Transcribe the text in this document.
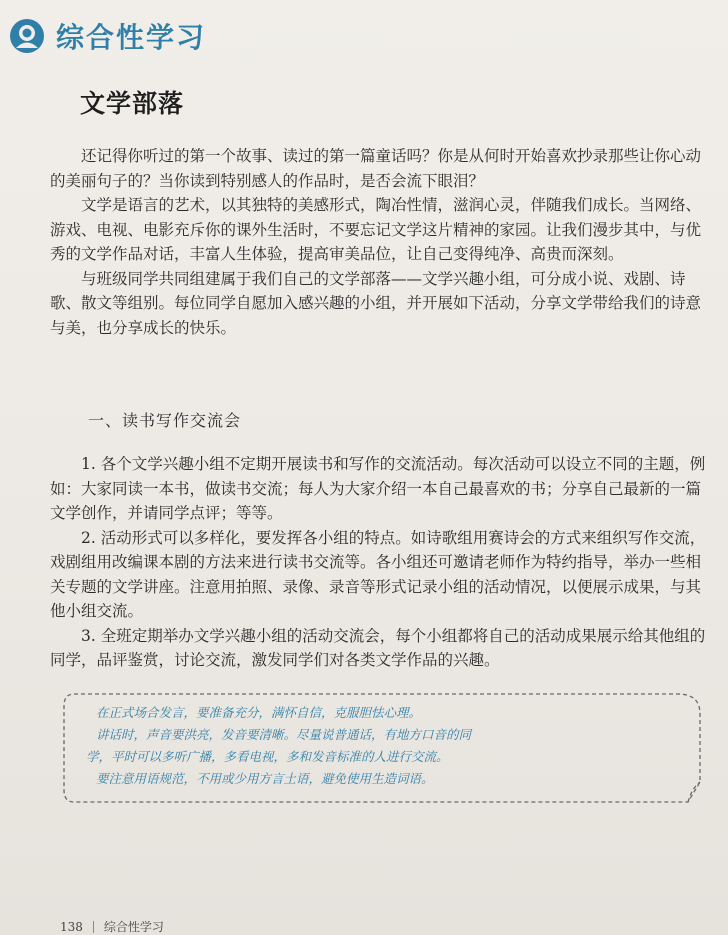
综合性学习
文学部落

还记得你听过的第一个故事、读过的第一篇童话吗？你是从何时开始喜欢抄录那些让你心动的美丽句子的？当你读到特别感人的作品时，是否会流下眼泪？

文学是语言的艺术，以其独特的美感形式，陶冶性情，滋润心灵，伴随我们成长。当网络、游戏、电视、电影充斥你的课外生活时，不要忘记文学这片精神的家园。让我们漫步其中，与优秀的文学作品对话，丰富人生体验，提高审美品位，让自己变得纯净、高贵而深刻。

与班级同学共同组建属于我们自己的文学部落——文学兴趣小组，可分成小说、戏剧、诗歌、散文等组别。每位同学自愿加入感兴趣的小组，并开展如下活动，分享文学带给我们的诗意与美，也分享成长的快乐。

一、读书写作交流会

1. 各个文学兴趣小组不定期开展读书和写作的交流活动。每次活动可以设立不同的主题，例如：大家同读一本书，做读书交流；每人为大家介绍一本自己最喜欢的书；分享自己最新的一篇文学创作，并请同学点评；等等。

2. 活动形式可以多样化，要发挥各小组的特点。如诗歌组用赛诗会的方式来组织写作交流，戏剧组用改编课本剧的方法来进行读书交流等。各小组还可邀请老师作为特约指导，举办一些相关专题的文学讲座。注意用拍照、录像、录音等形式记录小组的活动情况，以便展示成果，与其他小组交流。

3. 全班定期举办文学兴趣小组的活动交流会，每个小组都将自己的活动成果展示给其他组的同学，品评鉴赏，讨论交流，激发同学们对各类文学作品的兴趣。

在正式场合发言，要准备充分，满怀自信，克服胆怯心理。

讲话时，声音要洪亮，发音要清晰。尽量说普通话，有地方口音的同

学，平时可以多听广播，多看电视，多和发音标准的人进行交流。

要注意用语规范，不用或少用方言土语，避免使用生造词语。

138 综合性学习
